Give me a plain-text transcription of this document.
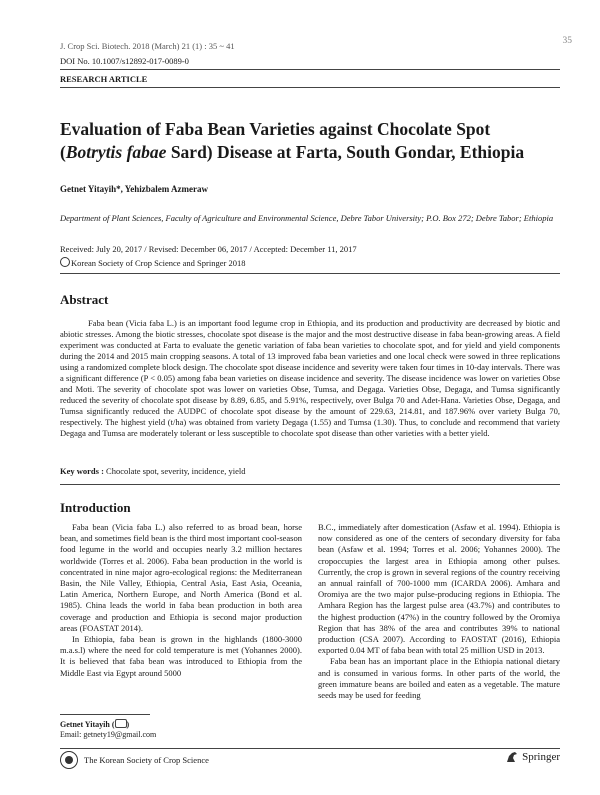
J. Crop Sci. Biotech. 2018 (March) 21 (1) : 35 ~ 41	35
DOI No. 10.1007/s12892-017-0089-0
RESEARCH ARTICLE
Evaluation of Faba Bean Varieties against Chocolate Spot
(Botrytis fabae Sard) Disease at Farta, South Gondar, Ethiopia
Getnet Yitayih*, Yehizbalem Azmeraw
Department of Plant Sciences, Faculty of Agriculture and Environmental Science, Debre Tabor University; P.O. Box 272; Debre Tabor; Ethiopia
Received: July 20, 2017 / Revised: December 06, 2017 / Accepted: December 11, 2017
Korean Society of Crop Science and Springer 2018
Abstract
Faba bean (Vicia faba L.) is an important food legume crop in Ethiopia, and its production and productivity are decreased by biotic and abiotic stresses. Among the biotic stresses, chocolate spot disease is the major and the most destructive disease in faba bean-growing areas. A field experiment was conducted at Farta to evaluate the genetic variation of faba bean varieties to chocolate spot, and for yield and yield components during the 2014 and 2015 main cropping seasons. A total of 13 improved faba bean varieties and one local check were sowed in three replications using a randomized complete block design. The chocolate spot disease incidence and severity were taken four times in 10-day intervals. There was a significant difference (P < 0.05) among faba bean varieties on disease incidence and severity. The disease incidence was lower on varieties Obse and Moti. The severity of chocolate spot was lower on varieties Obse, Tumsa, and Degaga. Varieties Obse, Degaga, and Tumsa significantly reduced the severity of chocolate spot disease by 8.89, 6.85, and 5.91%, respectively, over Bulga 70 and Adet-Hana. Varieties Obse, Degaga, and Tumsa significantly reduced the AUDPC of chocolate spot disease by the amount of 229.63, 214.81, and 187.96% over variety Bulga 70, respectively. The highest yield (t/ha) was obtained from variety Degaga (1.55) and Tumsa (1.30). Thus, to conclude and recommend that variety Degaga and Tumsa are moderately tolerant or less susceptible to chocolate spot disease than other varieties with a better yield.
Key words : Chocolate spot, severity, incidence, yield
Introduction

Faba bean (Vicia faba L.) also referred to as broad bean, horse bean, and sometimes field bean is the third most important cool-season food legume in the world and occupies nearly 3.2 million hectares worldwide (Torres et al. 2006). Faba bean production in the world is concentrated in nine major agro-ecological regions: the Mediterranean Basin, the Nile Valley, Ethiopia, Central Asia, East Asia, Oceania, Latin America, Northern Europe, and North America (Bond et al. 1985). China leads the world in faba bean production in both area coverage and production and Ethiopia is second major production areas (FOASTAT 2014).

In Ethiopia, faba bean is grown in the highlands (1800-3000 m.a.s.l) where the need for cold temperature is met (Yohannes 2000). It is believed that faba bean was introduced to Ethiopia from the Middle East via Egypt around 5000

B.C., immediately after domestication (Asfaw et al. 1994). Ethiopia is now considered as one of the centers of secondary diversity for faba bean (Asfaw et al. 1994; Torres et al. 2006; Yohannes 2000). The cropoccupies the largest area in Ethiopia among other pulses. Currently, the crop is grown in several regions of the country receiving an annual rainfall of 700-1000 mm (ICARDA 2006). Amhara and Oromiya are the two major pulse-producing regions in Ethiopia. The Amhara Region has the largest pulse area (43.7%) and contributes to the highest production (47%) in the country followed by the Oromiya Region that has 38% of the area and contributes 39% to national production (CSA 2007). According to FAOSTAT (2016), Ethiopia exported 0.04 MT of faba bean with total 25 million USD in 2013.

Faba bean has an important place in the Ethiopia national dietary and is consumed in various forms. In other parts of the world, the green immature beans are boiled and eaten as a vegetable. The mature seeds may be used for feeding

Getnet Yitayih ( )
Email: getnety19@gmail.com
The Korean Society of Crop Science	Springer
